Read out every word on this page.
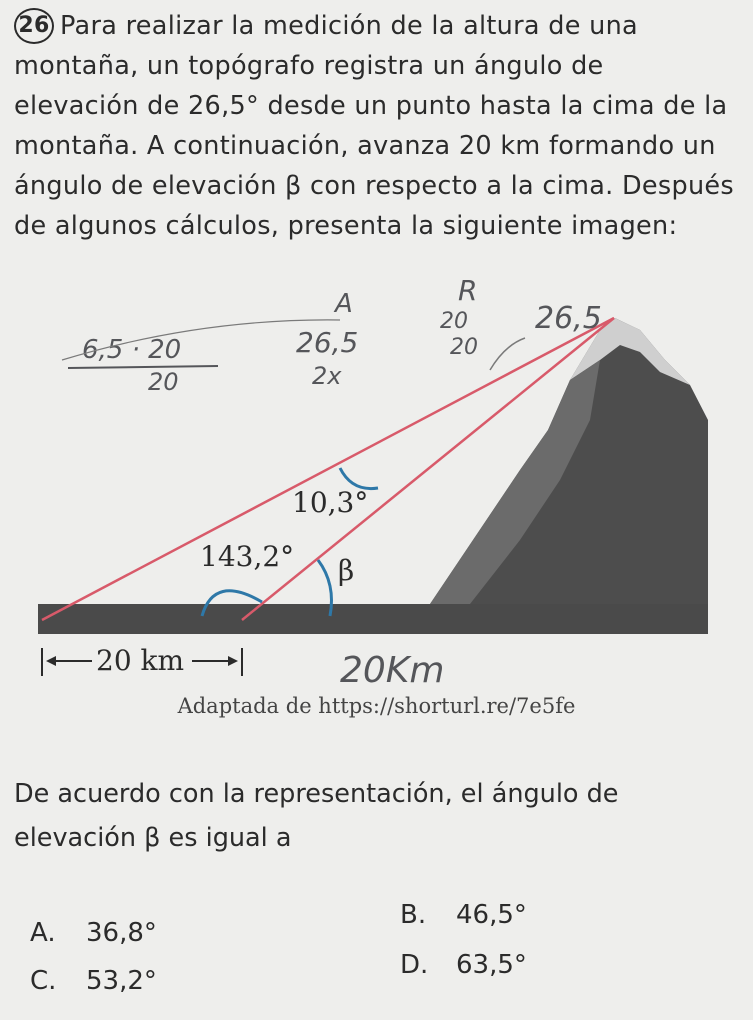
26 Para realizar la medición de la altura de una montaña, un topógrafo registra un ángulo de elevación de 26,5° desde un punto hasta la cima de la montaña. A continuación, avanza 20 km formando un ángulo de elevación β con respecto a la cima. Después de algunos cálculos, presenta la siguiente imagen:
10,3°
143,2° β
20 km
6,5 · 20
20
A
26,5
2x
R
20
20
26,5
20Km
Adaptada de https://shorturl.re/7e5fe
De acuerdo con la representación, el ángulo de elevación β es igual a
A.	36,8°
B.	46,5°
C.	53,2°
D.	63,5°
